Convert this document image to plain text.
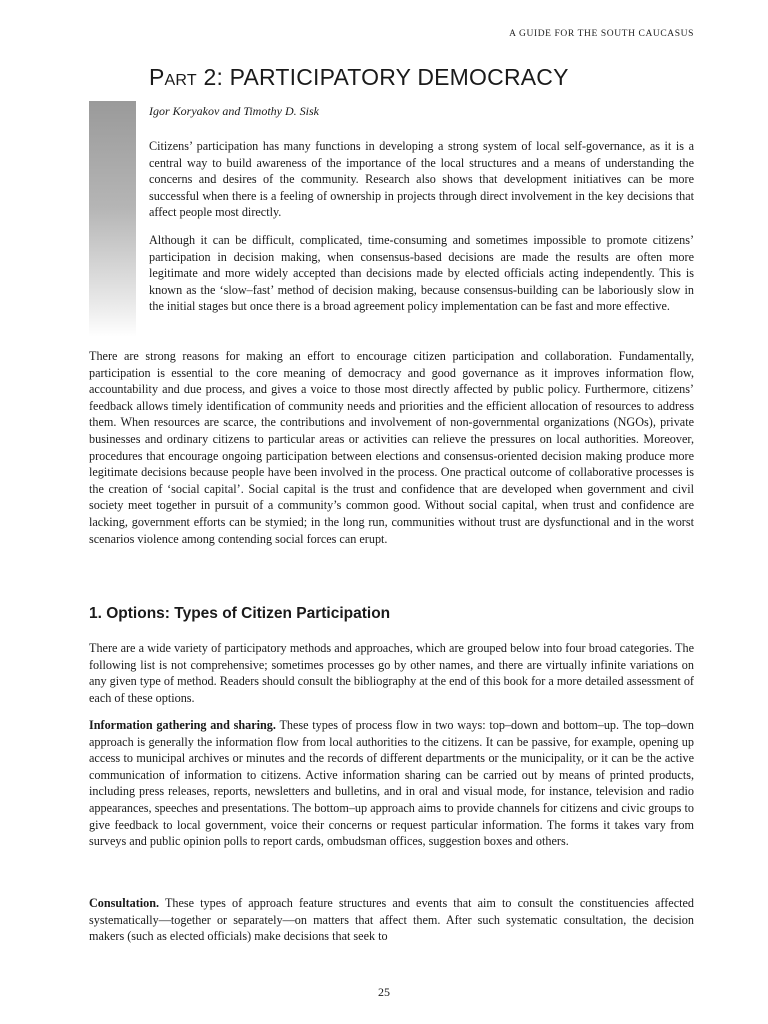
A GUIDE FOR THE SOUTH CAUCASUS
Part 2: PARTICIPATORY DEMOCRACY

Igor Koryakov and Timothy D. Sisk

Citizens’ participation has many functions in developing a strong system of local self-governance, as it is a central way to build awareness of the importance of the local structures and a means of understanding the concerns and desires of the community. Research also shows that development initiatives can be more successful when there is a feeling of ownership in projects through direct involvement in the key decisions that affect people most directly.

Although it can be difficult, complicated, time-consuming and sometimes impossible to promote citizens’ participation in decision making, when consensus-based decisions are made the results are often more legitimate and more widely accepted than decisions made by elected officials acting independently. This is known as the ‘slow–fast’ method of decision making, because consensus-building can be laboriously slow in the initial stages but once there is a broad agreement policy implementation can be fast and more effective.

There are strong reasons for making an effort to encourage citizen participation and collaboration. Fundamentally, participation is essential to the core meaning of democracy and good governance as it improves information flow, accountability and due process, and gives a voice to those most directly affected by public policy. Furthermore, citizens’ feedback allows timely identification of community needs and priorities and the efficient allocation of resources to address them. When resources are scarce, the contributions and involvement of non-governmental organizations (NGOs), private businesses and ordinary citizens to particular areas or activities can relieve the pressures on local authorities. Moreover, procedures that encourage ongoing participation between elections and consensus-oriented decision making produce more legitimate decisions because people have been involved in the process. One practical outcome of collaborative processes is the creation of ‘social capital’. Social capital is the trust and confidence that are developed when government and civil society meet together in pursuit of a community’s common good. Without social capital, when trust and confidence are lacking, government efforts can be stymied; in the long run, communities without trust are dysfunctional and in the worst scenarios violence among contending social forces can erupt.

1. Options: Types of Citizen Participation

There are a wide variety of participatory methods and approaches, which are grouped below into four broad categories. The following list is not comprehensive; sometimes processes go by other names, and there are virtually infinite variations on any given type of method. Readers should consult the bibliography at the end of this book for a more detailed assessment of each of these options.

Information gathering and sharing. These types of process flow in two ways: top–down and bottom–up. The top–down approach is generally the information flow from local authorities to the citizens. It can be passive, for example, opening up access to municipal archives or minutes and the records of different departments or the municipality, or it can be the active communication of information to citizens. Active information sharing can be carried out by means of printed products, including press releases, reports, newsletters and bulletins, and in oral and visual mode, for instance, television and radio appearances, speeches and presentations. The bottom–up approach aims to provide channels for citizens and civic groups to give feedback to local government, voice their concerns or request particular information. The forms it takes vary from surveys and public opinion polls to report cards, ombudsman offices, suggestion boxes and others.

Consultation. These types of approach feature structures and events that aim to consult the constituencies affected systematically—together or separately—on matters that affect them. After such systematic consultation, the decision makers (such as elected officials) make decisions that seek to

25
